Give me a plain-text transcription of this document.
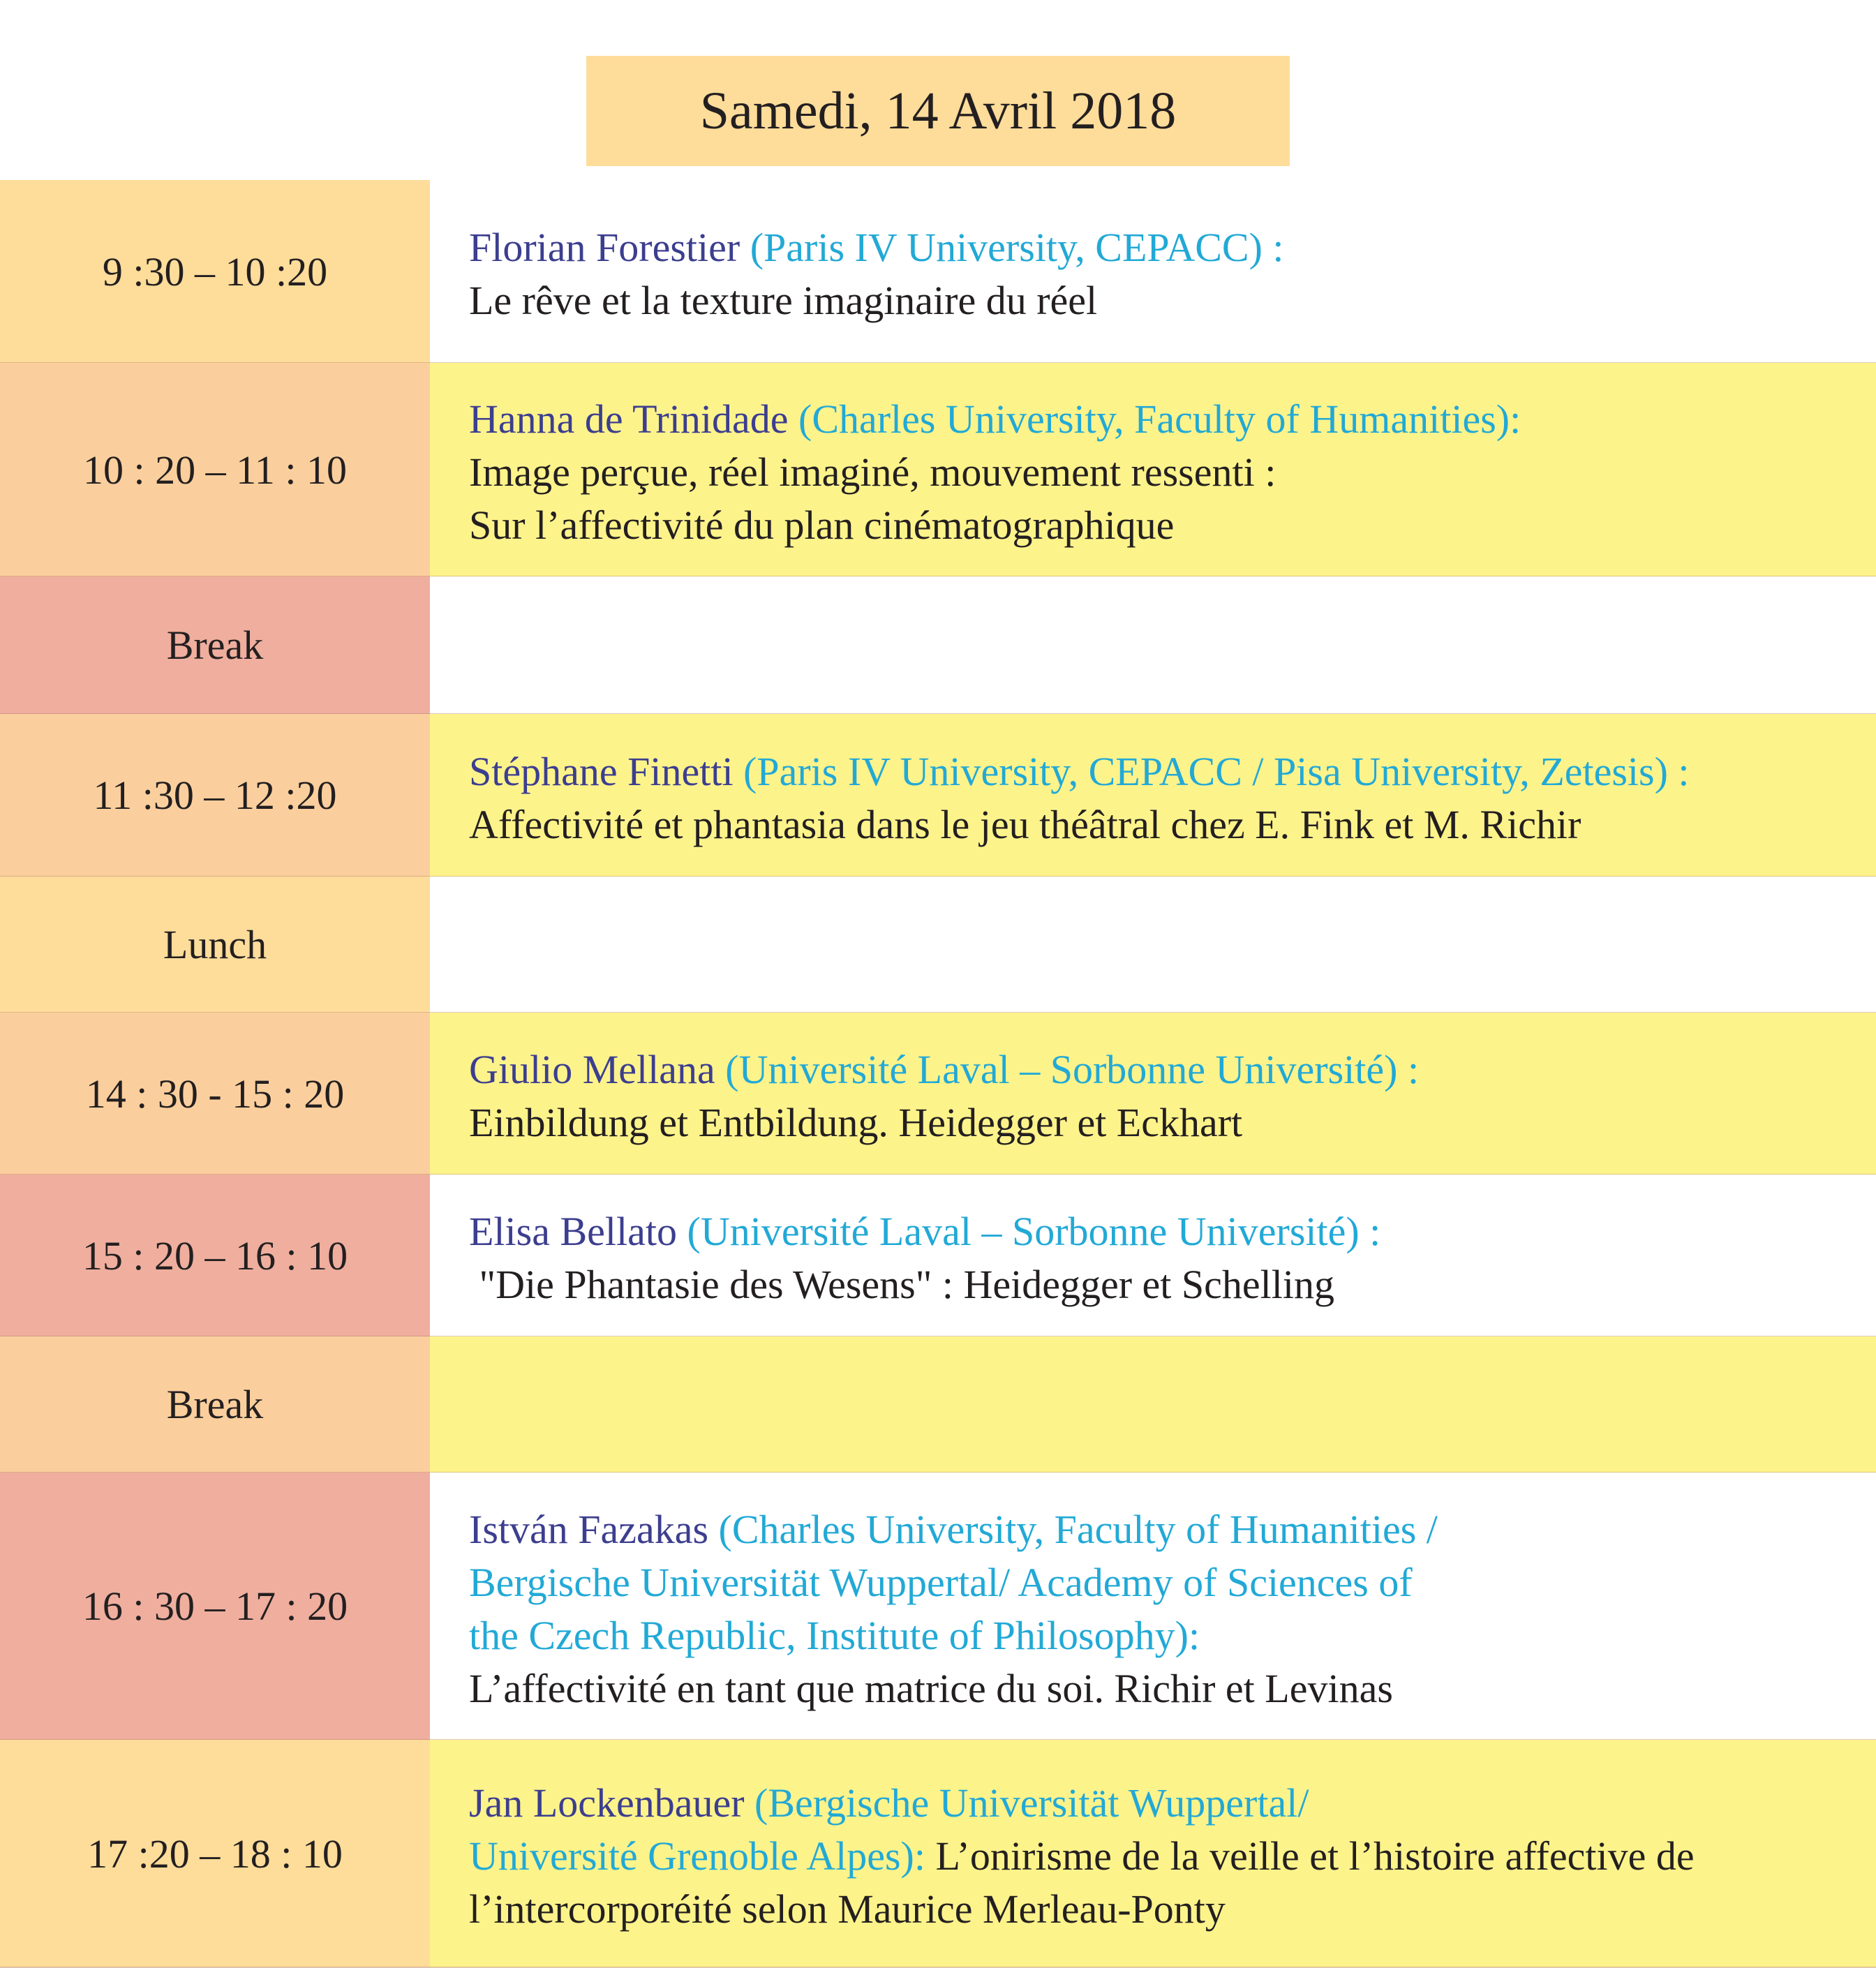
Samedi, 14 Avril 2018
9 :30 – 10 :20
Florian Forestier (Paris IV University, CEPACC) :
Le rêve et la texture imaginaire du réel
10 : 20 – 11 : 10
Hanna de Trinidade (Charles University, Faculty of Humanities):
Image perçue, réel imaginé, mouvement ressenti :
Sur l’affectivité du plan cinématographique
Break
11 :30 – 12 :20
Stéphane Finetti (Paris IV University, CEPACC / Pisa University, Zetesis) :
Affectivité et phantasia dans le jeu théâtral chez E. Fink et M. Richir
Lunch
14 : 30 - 15 : 20
Giulio Mellana (Université Laval – Sorbonne Université) :
Einbildung et Entbildung. Heidegger et Eckhart
15 : 20 – 16 : 10
Elisa Bellato (Université Laval – Sorbonne Université) :
"Die Phantasie des Wesens" : Heidegger et Schelling
Break
16 : 30 – 17 : 20
István Fazakas (Charles University, Faculty of Humanities /
Bergische Universität Wuppertal/ Academy of Sciences of
the Czech Republic, Institute of Philosophy):
L’affectivité en tant que matrice du soi. Richir et Levinas
17 :20 – 18 : 10
Jan Lockenbauer (Bergische Universität Wuppertal/
Université Grenoble Alpes): L’onirisme de la veille et l’histoire affective de
l’intercorporéité selon Maurice Merleau-Ponty
